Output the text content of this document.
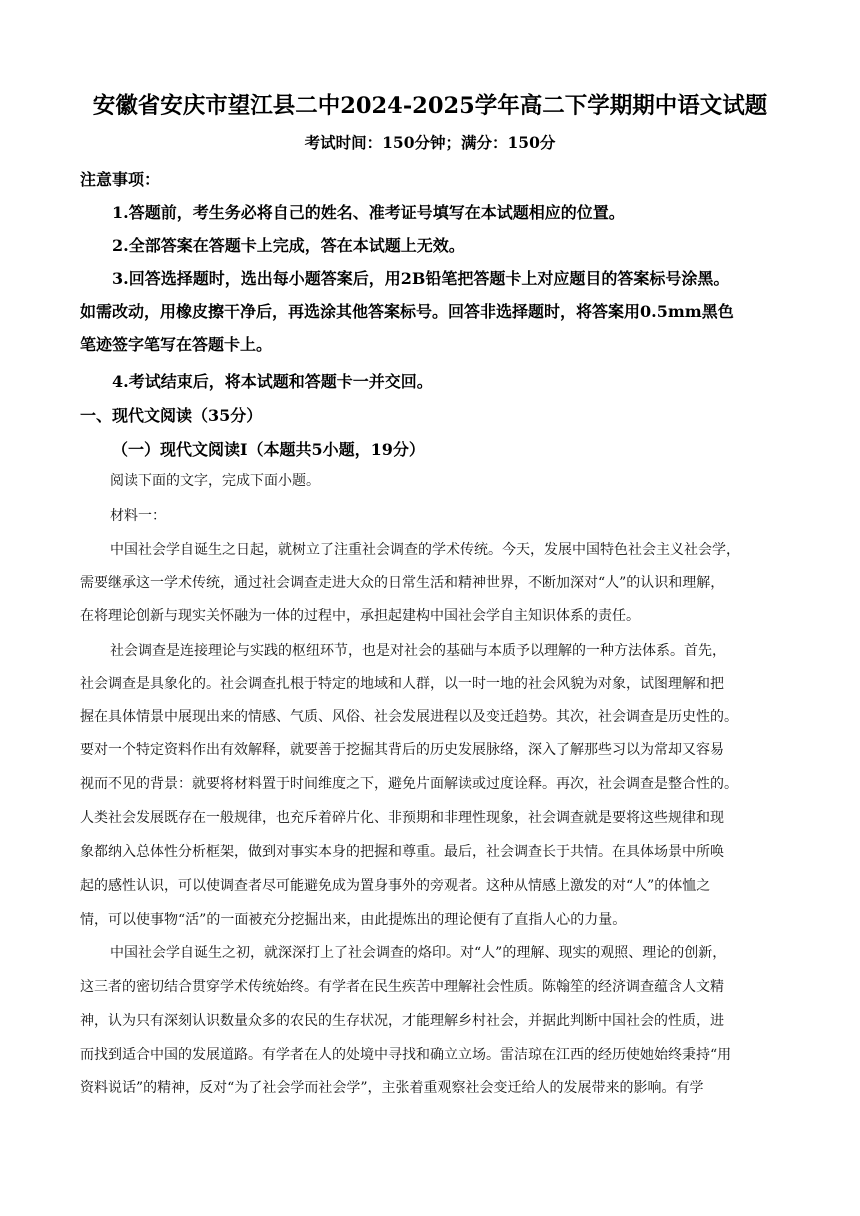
安徽省安庆市望江县二中2024-2025学年高二下学期期中语文试题
考试时间：150分钟；满分：150分
注意事项：
1.答题前，考生务必将自己的姓名、准考证号填写在本试题相应的位置。
2.全部答案在答题卡上完成，答在本试题上无效。
3.回答选择题时，选出每小题答案后，用2B铅笔把答题卡上对应题目的答案标号涂黑。
如需改动，用橡皮擦干净后，再选涂其他答案标号。回答非选择题时，将答案用0.5mm黑色
笔迹签字笔写在答题卡上。
4.考试结束后，将本试题和答题卡一并交回。
一、现代文阅读（35分）
（一）现代文阅读Ⅰ（本题共5小题，19分）
阅读下面的文字，完成下面小题。
材料一：
中国社会学自诞生之日起，就树立了注重社会调查的学术传统。今天，发展中国特色社会主义社会学，
需要继承这一学术传统，通过社会调查走进大众的日常生活和精神世界，不断加深对“人”的认识和理解，
在将理论创新与现实关怀融为一体的过程中，承担起建构中国社会学自主知识体系的责任。
社会调查是连接理论与实践的枢纽环节，也是对社会的基础与本质予以理解的一种方法体系。首先，
社会调查是具象化的。社会调查扎根于特定的地域和人群，以一时一地的社会风貌为对象，试图理解和把
握在具体情景中展现出来的情感、气质、风俗、社会发展进程以及变迁趋势。其次，社会调查是历史性的。
要对一个特定资料作出有效解释，就要善于挖掘其背后的历史发展脉络，深入了解那些习以为常却又容易
视而不见的背景：就要将材料置于时间维度之下，避免片面解读或过度诠释。再次，社会调查是整合性的。
人类社会发展既存在一般规律，也充斥着碎片化、非预期和非理性现象，社会调查就是要将这些规律和现
象都纳入总体性分析框架，做到对事实本身的把握和尊重。最后，社会调查长于共情。在具体场景中所唤
起的感性认识，可以使调查者尽可能避免成为置身事外的旁观者。这种从情感上激发的对“人”的体恤之
情，可以使事物“活”的一面被充分挖掘出来，由此提炼出的理论便有了直指人心的力量。
中国社会学自诞生之初，就深深打上了社会调查的烙印。对“人”的理解、现实的观照、理论的创新，
这三者的密切结合贯穿学术传统始终。有学者在民生疾苦中理解社会性质。陈翰笙的经济调查蕴含人文精
神，认为只有深刻认识数量众多的农民的生存状况，才能理解乡村社会，并据此判断中国社会的性质，进
而找到适合中国的发展道路。有学者在人的处境中寻找和确立立场。雷洁琼在江西的经历使她始终秉持“用
资料说话”的精神，反对“为了社会学而社会学”，主张着重观察社会变迁给人的发展带来的影响。有学
